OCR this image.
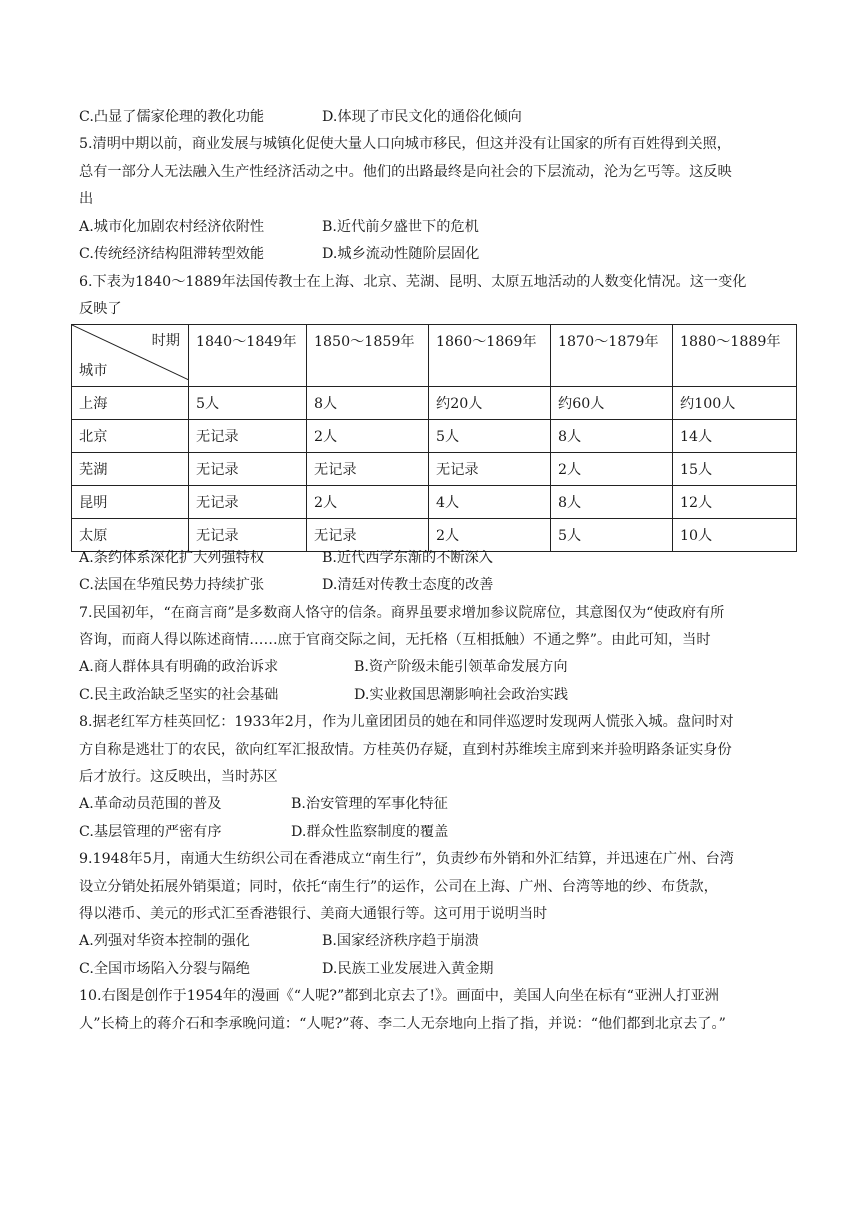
C.凸显了儒家伦理的教化功能	D.体现了市民文化的通俗化倾向
5.清明中期以前，商业发展与城镇化促使大量人口向城市移民，但这并没有让国家的所有百姓得到关照，
总有一部分人无法融入生产性经济活动之中。他们的出路最终是向社会的下层流动，沦为乞丐等。这反映
出
A.城市化加剧农村经济依附性	B.近代前夕盛世下的危机
C.传统经济结构阻滞转型效能	D.城乡流动性随阶层固化
6.下表为1840～1889年法国传教士在上海、北京、芜湖、昆明、太原五地活动的人数变化情况。这一变化
反映了
时期
城市	1840～1849年	1850～1859年	1860～1869年	1870～1879年	1880～1889年
上海	5人	8人	约20人	约60人	约100人
北京	无记录	2人	5人	8人	14人
芜湖	无记录	无记录	无记录	2人	15人
昆明	无记录	2人	4人	8人	12人
太原	无记录	无记录	2人	5人	10人
A.条约体系深化扩大列强特权	B.近代西学东渐的不断深入
C.法国在华殖民势力持续扩张	D.清廷对传教士态度的改善
7.民国初年，“在商言商”是多数商人恪守的信条。商界虽要求增加参议院席位，其意图仅为“使政府有所
咨询，而商人得以陈述商情……庶于官商交际之间，无托格（互相抵触）不通之弊”。由此可知，当时
A.商人群体具有明确的政治诉求	B.资产阶级未能引领革命发展方向
C.民主政治缺乏坚实的社会基础	D.实业救国思潮影响社会政治实践
8.据老红军方桂英回忆：1933年2月，作为儿童团团员的她在和同伴巡逻时发现两人慌张入城。盘问时对
方自称是逃壮丁的农民，欲向红军汇报敌情。方桂英仍存疑，直到村苏维埃主席到来并验明路条证实身份
后才放行。这反映出，当时苏区
A.革命动员范围的普及	B.治安管理的军事化特征
C.基层管理的严密有序	D.群众性监察制度的覆盖
9.1948年5月，南通大生纺织公司在香港成立“南生行”，负责纱布外销和外汇结算，并迅速在广州、台湾
设立分销处拓展外销渠道；同时，依托“南生行”的运作，公司在上海、广州、台湾等地的纱、布货款，
得以港币、美元的形式汇至香港银行、美商大通银行等。这可用于说明当时
A.列强对华资本控制的强化	B.国家经济秩序趋于崩溃
C.全国市场陷入分裂与隔绝	D.民族工业发展进入黄金期
10.右图是创作于1954年的漫画《“人呢?”都到北京去了!》。画面中，美国人向坐在标有“亚洲人打亚洲
人”长椅上的蒋介石和李承晚问道：“人呢?”蒋、李二人无奈地向上指了指，并说：“他们都到北京去了。”
